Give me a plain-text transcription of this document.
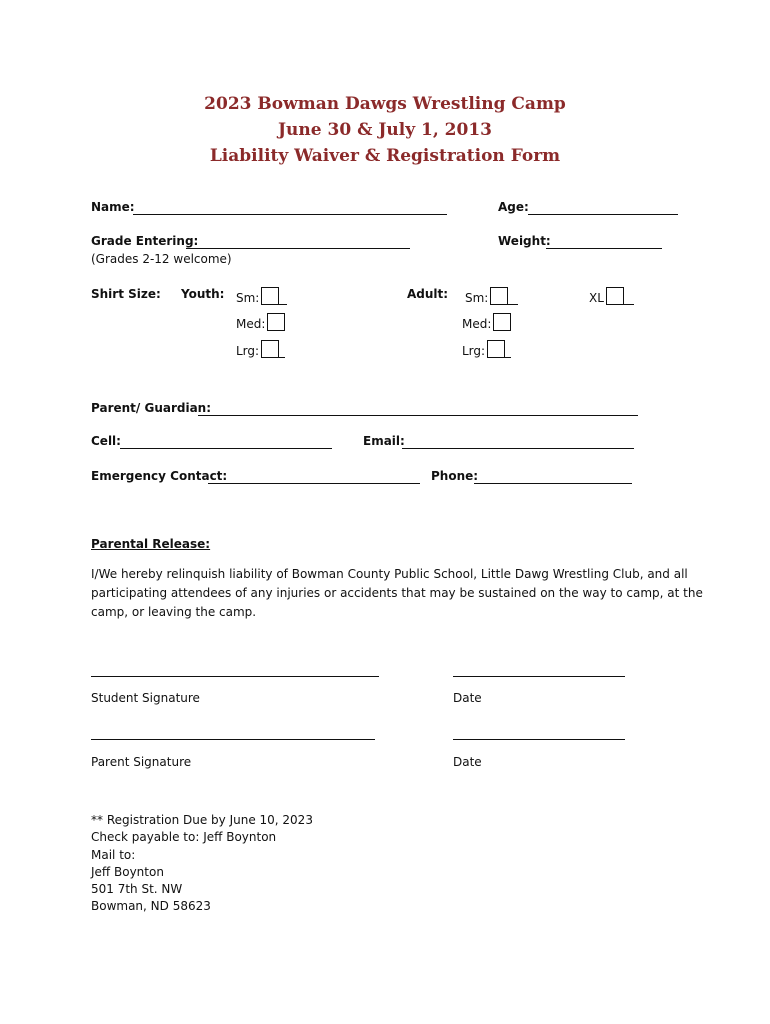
2023 Bowman Dawgs Wrestling Camp
June 30 & July 1, 2013
Liability Waiver & Registration Form
Name:	Age:
Grade Entering:
(Grades 2-12 welcome)
Weight:
Shirt Size: Youth: Sm:
Med:
Lrg:
Adult: Sm:
Med:
Lrg:
XL
Parent/ Guardian:
Cell:	Email:
Emergency Contact:	Phone:
Parental Release:
I/We hereby relinquish liability of Bowman County Public School, Little Dawg Wrestling Club, and all
participating attendees of any injuries or accidents that may be sustained on the way to camp, at the
camp, or leaving the camp.
Student Signature	Date
Parent Signature	Date
** Registration Due by June 10, 2023
Check payable to: Jeff Boynton
Mail to:
Jeff Boynton
501 7th St. NW
Bowman, ND 58623
